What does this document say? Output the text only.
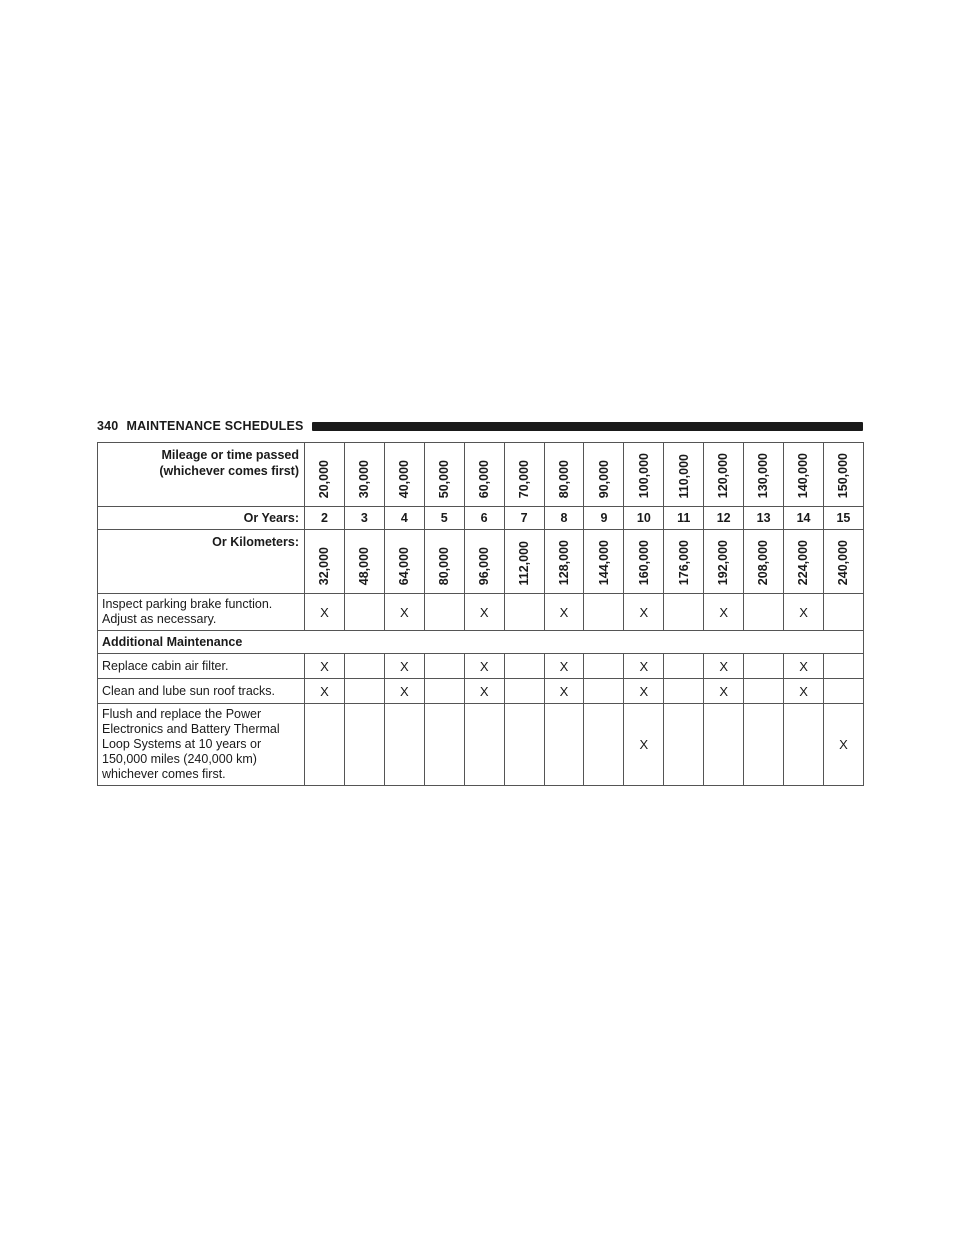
340 MAINTENANCE SCHEDULES
Mileage or time passed
(whichever comes first)	20,000	30,000	40,000	50,000	60,000	70,000	80,000	90,000	100,000	110,000	120,000	130,000	140,000	150,000
Or Years:	2	3	4	5	6	7	8	9	10	11	12	13	14	15
Or Kilometers:	32,000	48,000	64,000	80,000	96,000	112,000	128,000	144,000	160,000	176,000	192,000	208,000	224,000	240,000

Inspect parking brake function.
Adjust as necessary.	X		X		X		X		X		X		X	
Additional Maintenance														

Replace cabin air filter.	X		X		X		X		X		X		X	

Clean and lube sun roof tracks.	X		X		X		X		X		X		X	

Flush and replace the Power
Electronics and Battery Thermal
Loop Systems at 10 years or
150,000 miles (240,000 km)
whichever comes first.									X					X
